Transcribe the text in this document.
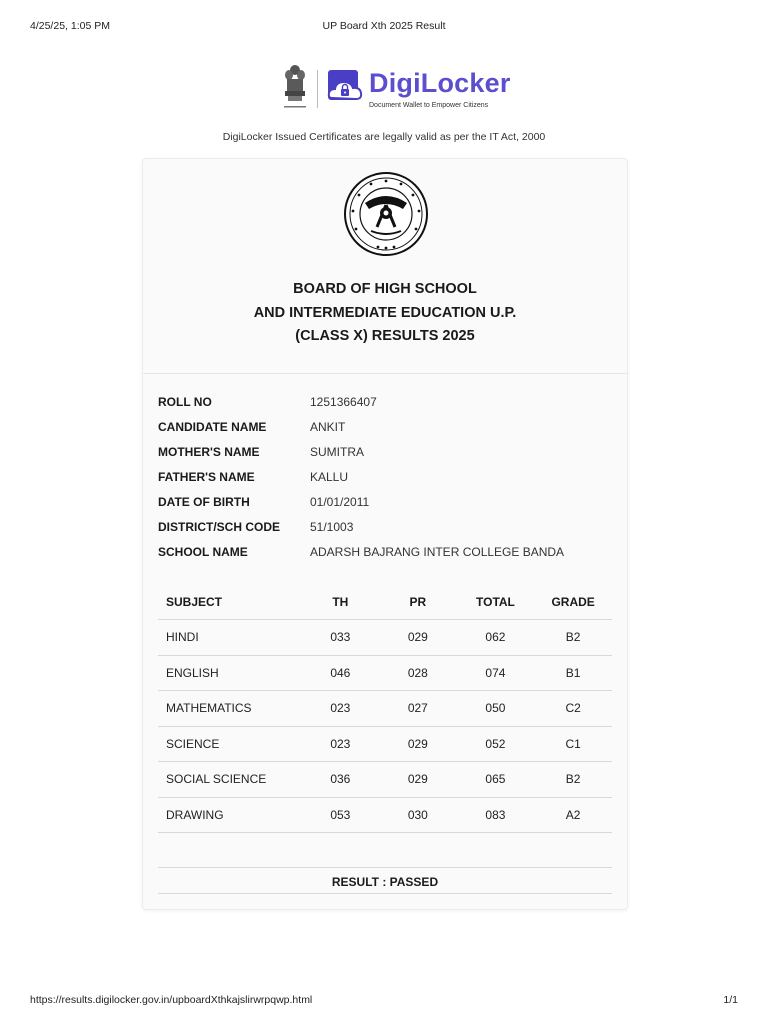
4/25/25, 1:05 PM	UP Board Xth 2025 Result
DigiLocker
Document Wallet to Empower Citizens
DigiLocker Issued Certificates are legally valid as per the IT Act, 2000
BOARD OF HIGH SCHOOL
AND INTERMEDIATE EDUCATION U.P.
(CLASS X) RESULTS 2025
ROLL NO	1251366407
CANDIDATE NAME	ANKIT
MOTHER'S NAME	SUMITRA
FATHER'S NAME	KALLU
DATE OF BIRTH	01/01/2011
DISTRICT/SCH CODE 51/1003
SCHOOL NAME	ADARSH BAJRANG INTER COLLEGE BANDA
SUBJECT	TH	PR	TOTAL	GRADE
HINDI	033	029	062	B2
ENGLISH	046	028	074	B1
MATHEMATICS	023	027	050	C2
SCIENCE	023	029	052	C1
SOCIAL SCIENCE	036	029	065	B2
DRAWING	053	030	083	A2
RESULT : PASSED
https://results.digilocker.gov.in/upboardXthkajslirwrpqwp.html	1/1
